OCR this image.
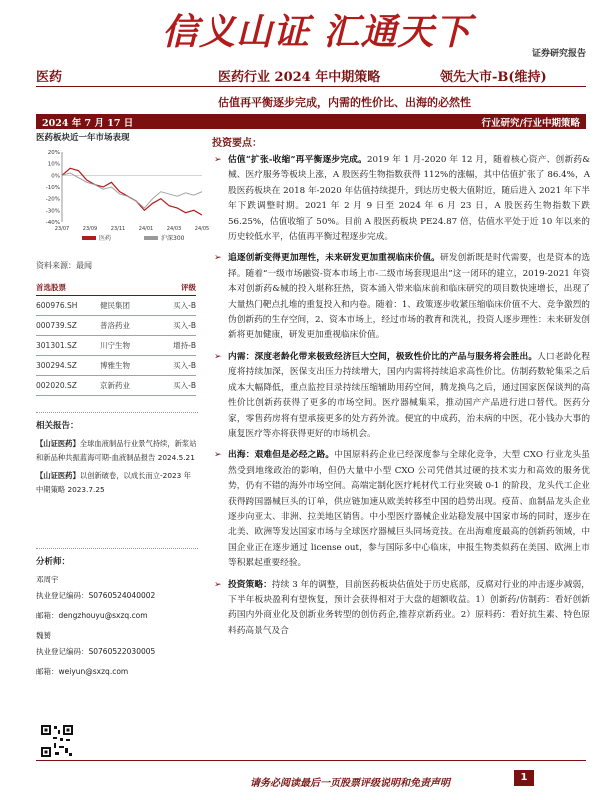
信义山证 汇通天下
证券研究报告
医药	医药行业 2024 年中期策略	领先大市-B(维持)
估值再平衡逐步完成，内需的性价比、出海的必然性
2024 年 7 月 17 日	行业研究/行业中期策略
医药板块近一年市场表现
20%
10%
0%
-10%
-20%
-30%
-40%
23/07	23/09	23/11	24/01	24/03	24/05
医药	沪深300
资料来源：最闻
首选股票	评级
600976.SH	健民集团	买入-B
000739.SZ	普洛药业	买入-B
301301.SZ	川宁生物	增持-B
300294.SZ	博雅生物	买入-B
002020.SZ	京新药业	买入-B
相关报告：
【山证医药】全球血液制品行业景气持续，新浆站和新品种共振蓝海可期-血液制品报告 2024.5.21
【山证医药】以创新破卷，以成长而立-2023 年中期策略 2023.7.25
分析师：
邓周宇
执业登记编码：S0760524040002
邮箱：dengzhouyu@sxzq.com
魏赟
执业登记编码：S0760522030005
邮箱：weiyun@sxzq.com
投资要点：
➢ 估值“扩张-收缩”再平衡逐步完成。2019 年 1 月-2020 年 12 月，随着核心资产、创新药&械、医疗服务等板块上涨，A 股医药生物指数获得 112%的涨幅，其中估值扩张了 86.4%，A 股医药板块在 2018 年-2020 年估值持续提升，到达历史极大值附近，随后进入 2021 年下半年下跌调整时期。2021 年 2 月 9 日至 2024 年 6 月 23 日，A 股医药生物指数下跌 56.25%，估值收缩了 50%。目前 A 股医药板块 PE24.87 倍，估值水平处于近 10 年以来的历史较低水平，估值再平衡过程逐步完成。
➢ 追逐创新变得更加理性，未来研发更加重视临床价值。研发创新既是时代需要，也是资本的选择。随着“一级市场融资-资本市场上市-二级市场套现退出”这一闭环的建立，2019-2021 年资本对创新药&械的投入堪称狂热，资本涌入带来临床前和临床研究的项目数快速增长，出现了大量热门靶点扎堆的重复投入和内卷。随着：1、政策逐步收紧压缩临床价值不大、竞争激烈的伪创新药的生存空间，2、资本市场上，经过市场的教育和洗礼，投资人逐步理性：未来研发创新将更加健康，研发更加重视临床价值。
➢ 内需：深度老龄化带来极致经济巨大空间，极致性价比的产品与服务将会胜出。人口老龄化程度将持续加深，医保支出压力持续增大，国内内需将持续追求高性价比。仿制药数轮集采之后成本大幅降低，重点监控目录持续压缩辅助用药空间，腾龙换鸟之后，通过国家医保谈判的高性价比创新药获得了更多的市场空间。医疗器械集采，推动国产产品进行进口替代。医药分家，零售药房将有望承接更多的处方药外流。便宜的中成药，治未病的中医，花小钱办大事的康复医疗等亦将获得更好的市场机会。
➢ 出海：艰难但是必经之路。中国原料药企业已经深度参与全球化竞争，大型 CXO 行业龙头虽然受到地缘政治的影响，但仍大量中小型 CXO 公司凭借其过硬的技术实力和高效的服务优势，仍有不错的海外市场空间。高端定制化医疗耗材代工行业突破 0-1 的阶段，龙头代工企业获得跨国器械巨头的订单，供应链加速从欧美转移至中国的趋势出现。疫苗、血制品龙头企业逐步向亚太、非洲、拉美地区销售。中小型医疗器械企业站稳发展中国家市场的同时，逐步在北美、欧洲等发达国家市场与全球医疗器械巨头同场竞技。在出海难度最高的创新药领域，中国企业正在逐步通过 license out，参与国际多中心临床，申报生物类似药在美国、欧洲上市等积累起重要经验。
➢ 投资策略：持续 3 年的调整，目前医药板块估值处于历史底部，反腐对行业的冲击逐步减弱，下半年板块盈利有望恢复，预计会获得相对于大盘的超额收益。1）创新药/仿制药：看好创新药国内外商业化及创新业务转型的创仿药企,推荐京新药业。2）原料药：看好抗生素、特色原料药高景气及合
请务必阅读最后一页股票评级说明和免责声明
1
